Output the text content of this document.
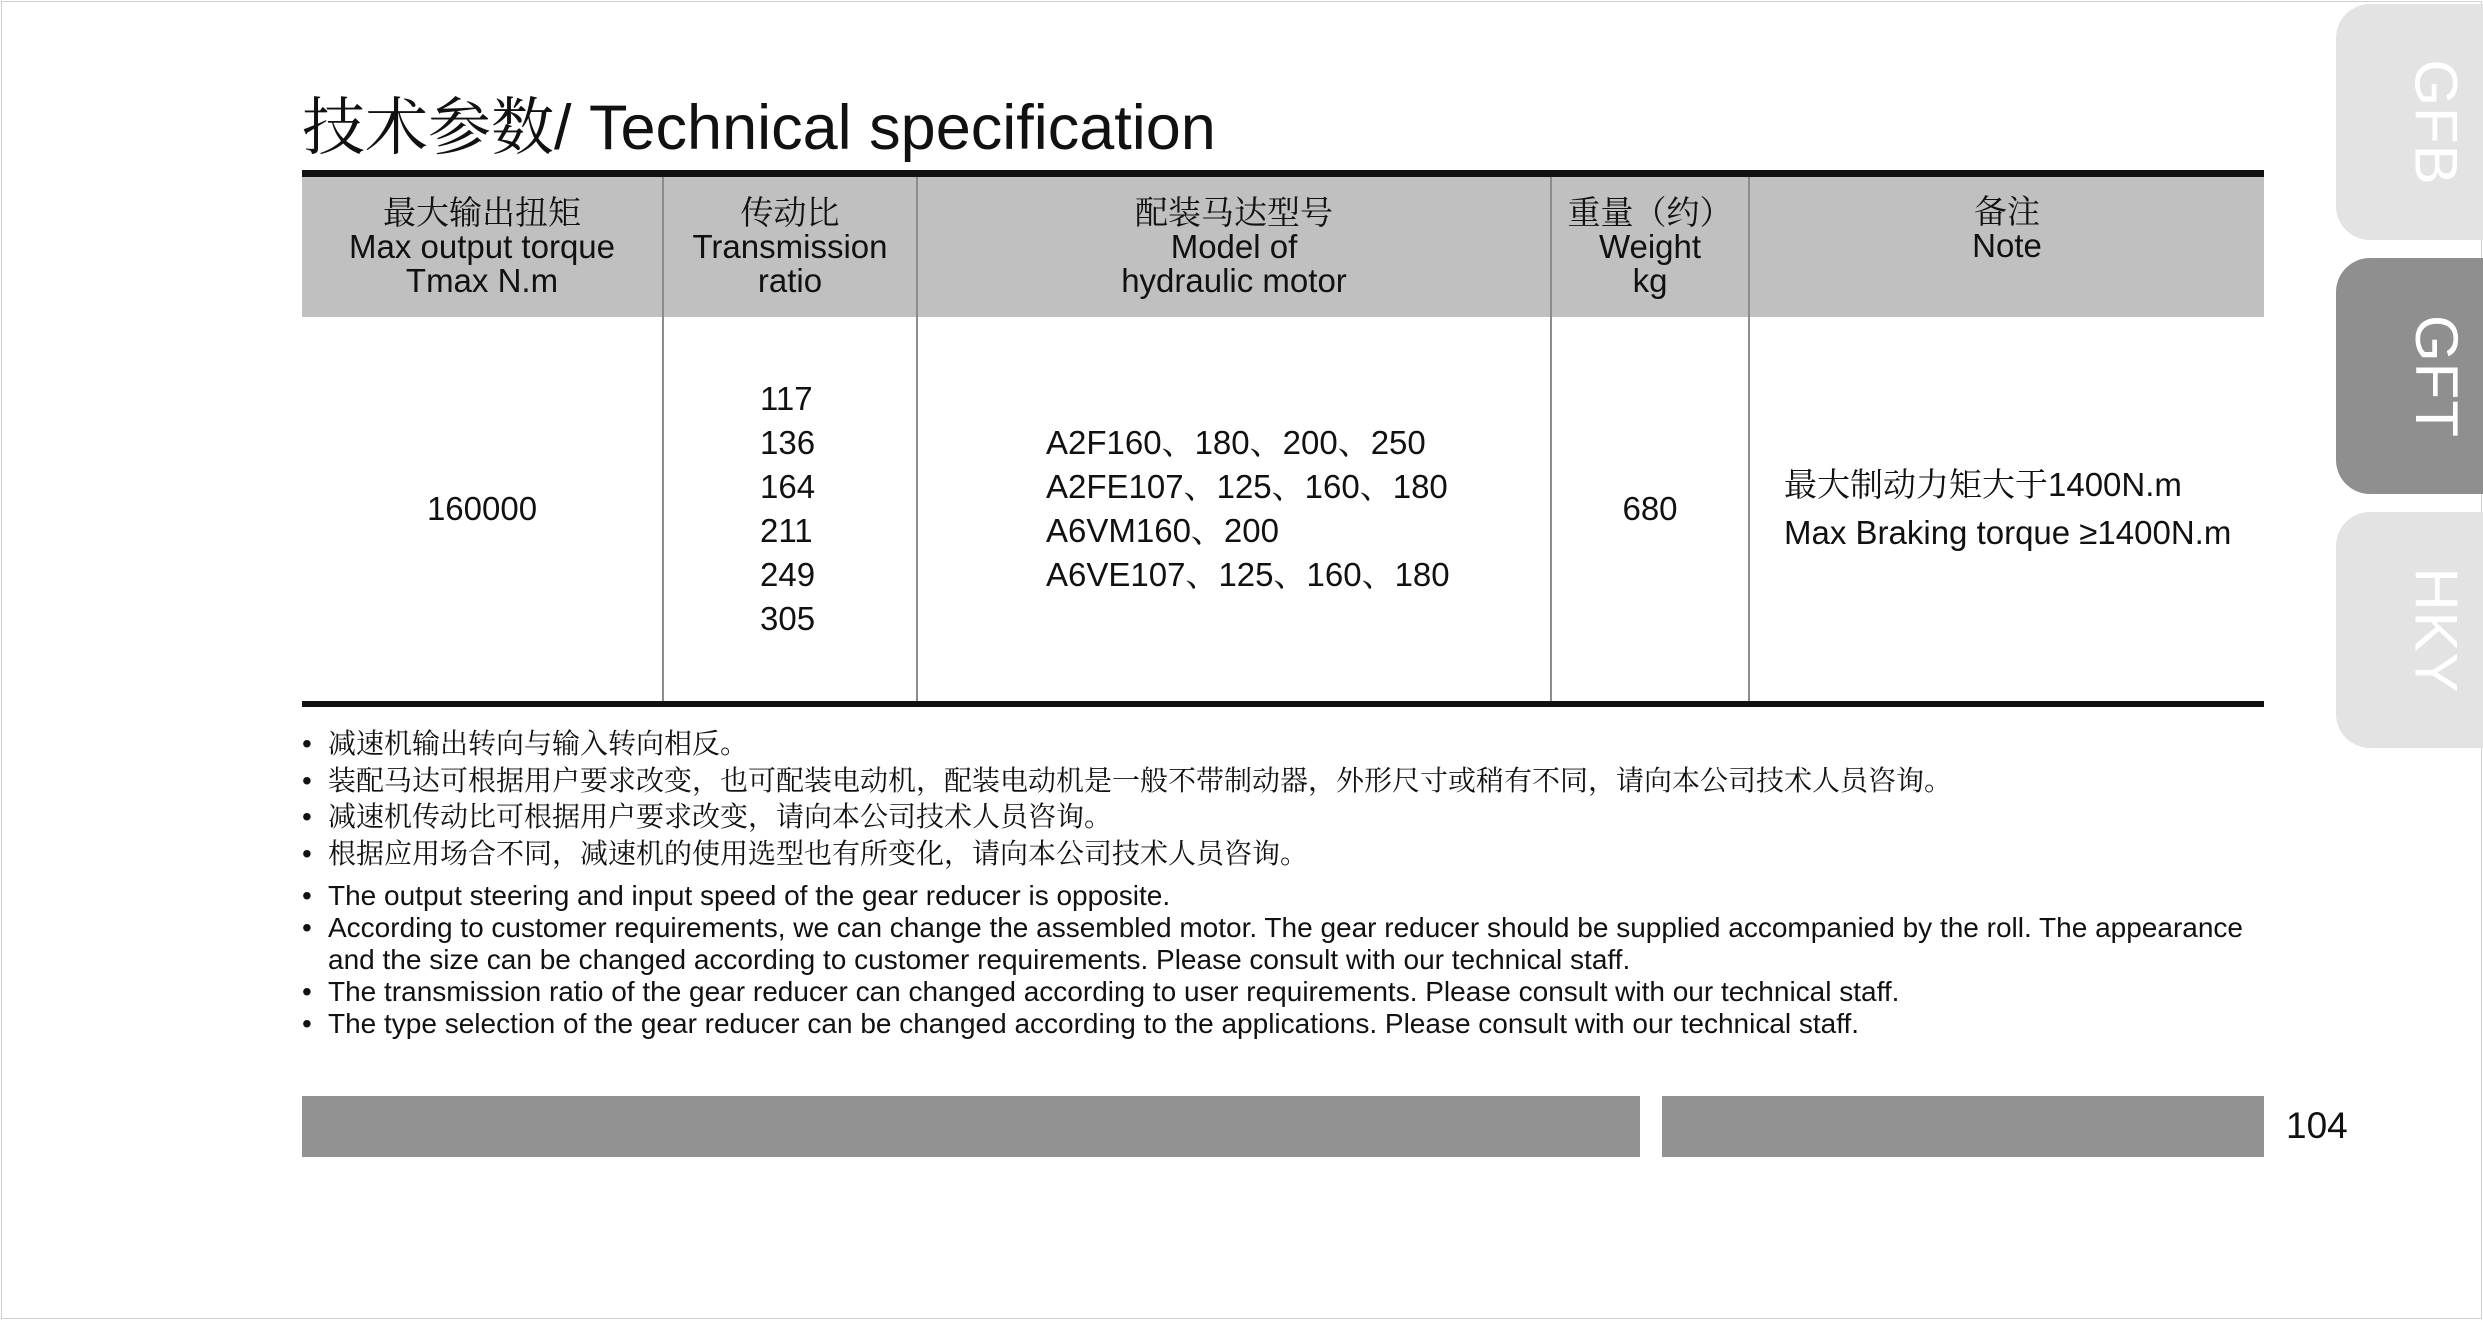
技术参数/ Technical specification	GFB
GFT
HKY
最大输出扭矩
Max output torque
Tmax N.m
传动比
Transmission
ratio
配装马达型号
Model of
hydraulic motor
重量（约）
Weight
kg
备注
Note
160000
117
136
164
211
249
305
A2F160、180、200、250
A2FE107、125、160、180
A6VM160、200
A6VE107、125、160、180
680
最大制动力矩大于1400N.m
Max Braking torque ≥1400N.m
• 减速机输出转向与输入转向相反。
• 装配马达可根据用户要求改变，也可配装电动机，配装电动机是一般不带制动器，外形尺寸或稍有不同，请向本公司技术人员咨询。
• 减速机传动比可根据用户要求改变，请向本公司技术人员咨询。
• 根据应用场合不同，减速机的使用选型也有所变化，请向本公司技术人员咨询。
• The output steering and input speed of the gear reducer is opposite.
• According to customer requirements, we can change the assembled motor. The gear reducer should be supplied accompanied by the roll. The appearance and the size can be changed according to customer requirements. Please consult with our technical staff.
• The transmission ratio of the gear reducer can changed according to user requirements. Please consult with our technical staff.
• The type selection of the gear reducer can be changed according to the applications. Please consult with our technical staff.
104
